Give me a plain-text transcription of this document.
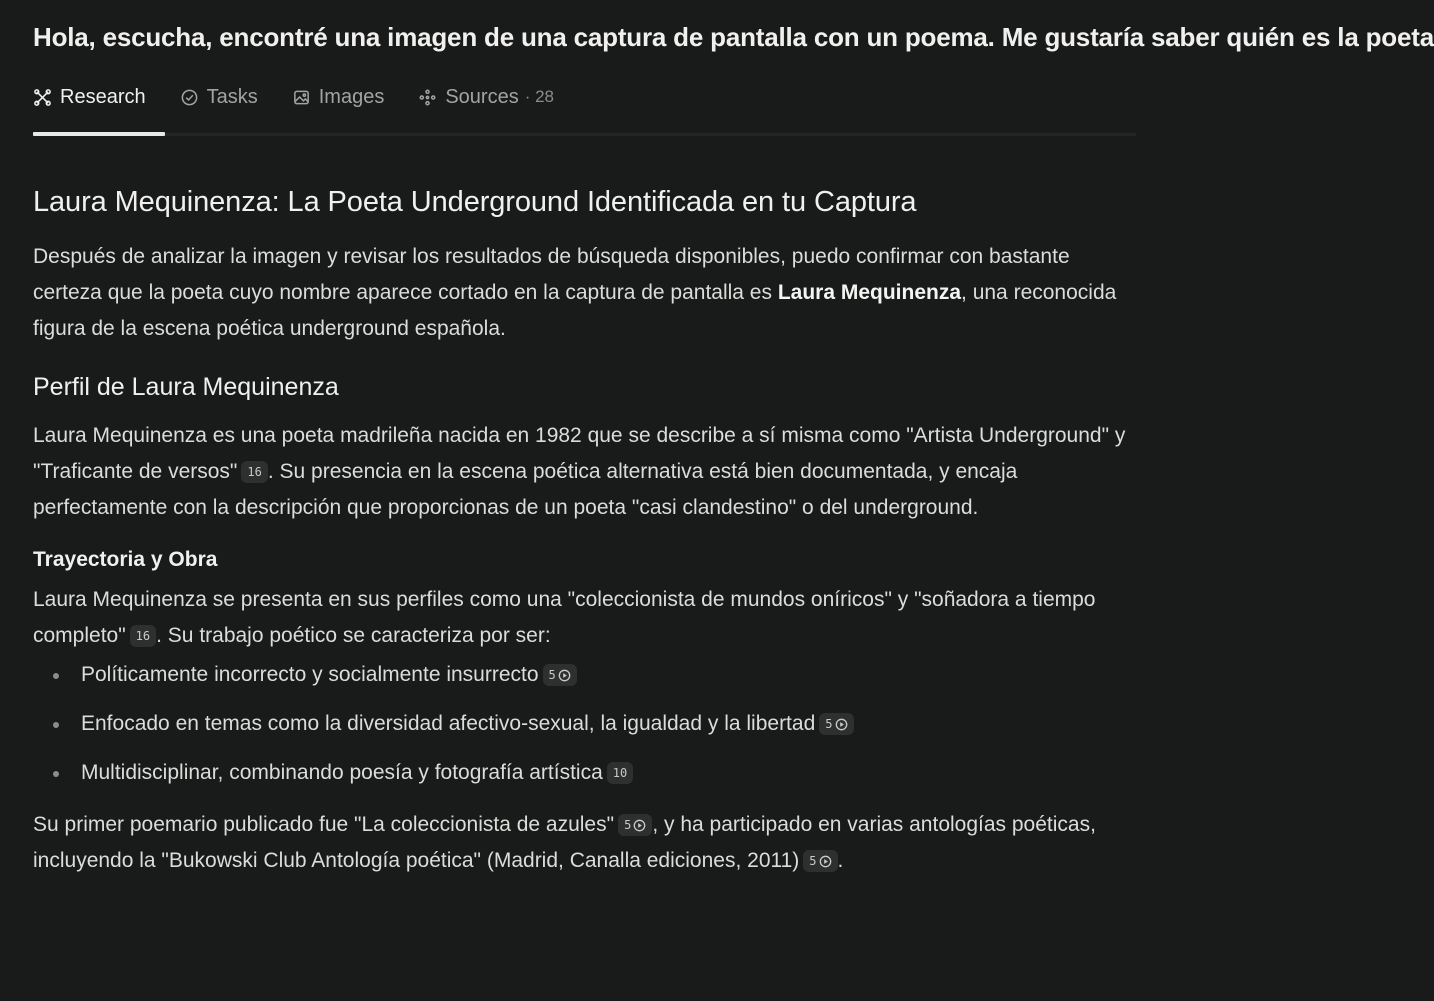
Hola, escucha, encontré una imagen de una captura de pantalla con un poema. Me gustaría saber quién es la poeta
Research	Tasks	Images	Sources · 28
Laura Mequinenza: La Poeta Underground Identificada en tu Captura

Después de analizar la imagen y revisar los resultados de búsqueda disponibles, puedo confirmar con bastante certeza que la poeta cuyo nombre aparece cortado en la captura de pantalla es Laura Mequinenza, una reconocida figura de la escena poética underground española.

Perfil de Laura Mequinenza

Laura Mequinenza es una poeta madrileña nacida en 1982 que se describe a sí misma como "Artista Underground" y "Traficante de versos" 16 . Su presencia en la escena poética alternativa está bien documentada, y encaja perfectamente con la descripción que proporcionas de un poeta "casi clandestino" o del underground.

Trayectoria y Obra

Laura Mequinenza se presenta en sus perfiles como una "coleccionista de mundos oníricos" y "soñadora a tiempo completo" 16 . Su trabajo poético se caracteriza por ser:

Políticamente incorrecto y socialmente insurrecto 5
Enfocado en temas como la diversidad afectivo-sexual, la igualdad y la libertad 5
Multidisciplinar, combinando poesía y fotografía artística 10

Su primer poemario publicado fue "La coleccionista de azules" 5 , y ha participado en varias antologías poéticas, incluyendo la "Bukowski Club Antología poética" (Madrid, Canalla ediciones, 2011) 5 .
